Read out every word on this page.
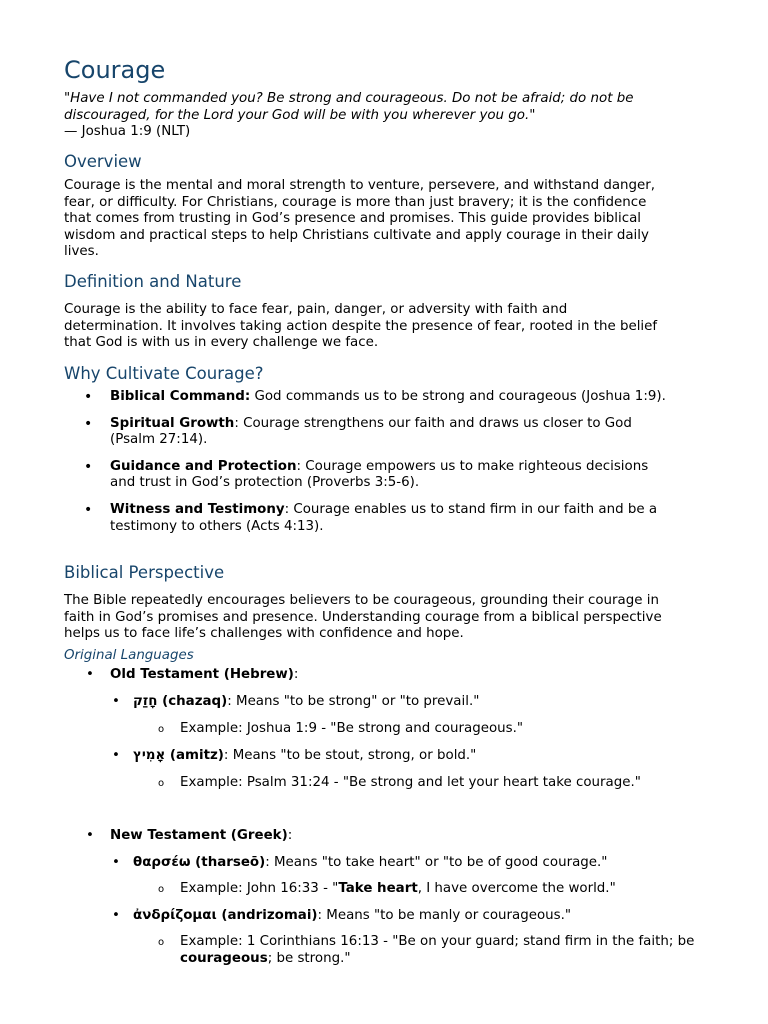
Courage
"Have I not commanded you? Be strong and courageous. Do not be afraid; do not be discouraged, for the Lord your God will be with you wherever you go."
— Joshua 1:9 (NLT)
Overview
Courage is the mental and moral strength to venture, persevere, and withstand danger, fear, or difficulty. For Christians, courage is more than just bravery; it is the confidence that comes from trusting in God’s presence and promises. This guide provides biblical wisdom and practical steps to help Christians cultivate and apply courage in their daily lives.
Definition and Nature
Courage is the ability to face fear, pain, danger, or adversity with faith and determination. It involves taking action despite the presence of fear, rooted in the belief that God is with us in every challenge we face.
Why Cultivate Courage?
• Biblical Command: God commands us to be strong and courageous (Joshua 1:9).
• Spiritual Growth: Courage strengthens our faith and draws us closer to God (Psalm 27:14).
• Guidance and Protection: Courage empowers us to make righteous decisions and trust in God’s protection (Proverbs 3:5-6).
• Witness and Testimony: Courage enables us to stand firm in our faith and be a testimony to others (Acts 4:13).
Biblical Perspective
The Bible repeatedly encourages believers to be courageous, grounding their courage in faith in God’s promises and presence. Understanding courage from a biblical perspective helps us to face life’s challenges with confidence and hope.
Original Languages
• Old Testament (Hebrew):
• חָזַק (chazaq): Means "to be strong" or "to prevail."
o Example: Joshua 1:9 - "Be strong and courageous."
• אָמִיץ (amitz): Means "to be stout, strong, or bold."
o Example: Psalm 31:24 - "Be strong and let your heart take courage."
• New Testament (Greek):
• θαρσέω (tharseō): Means "to take heart" or "to be of good courage."
o Example: John 16:33 - "Take heart, I have overcome the world."
• ἀνδρίζομαι (andrizomai): Means "to be manly or courageous."
o Example: 1 Corinthians 16:13 - "Be on your guard; stand firm in the faith; be courageous; be strong."
